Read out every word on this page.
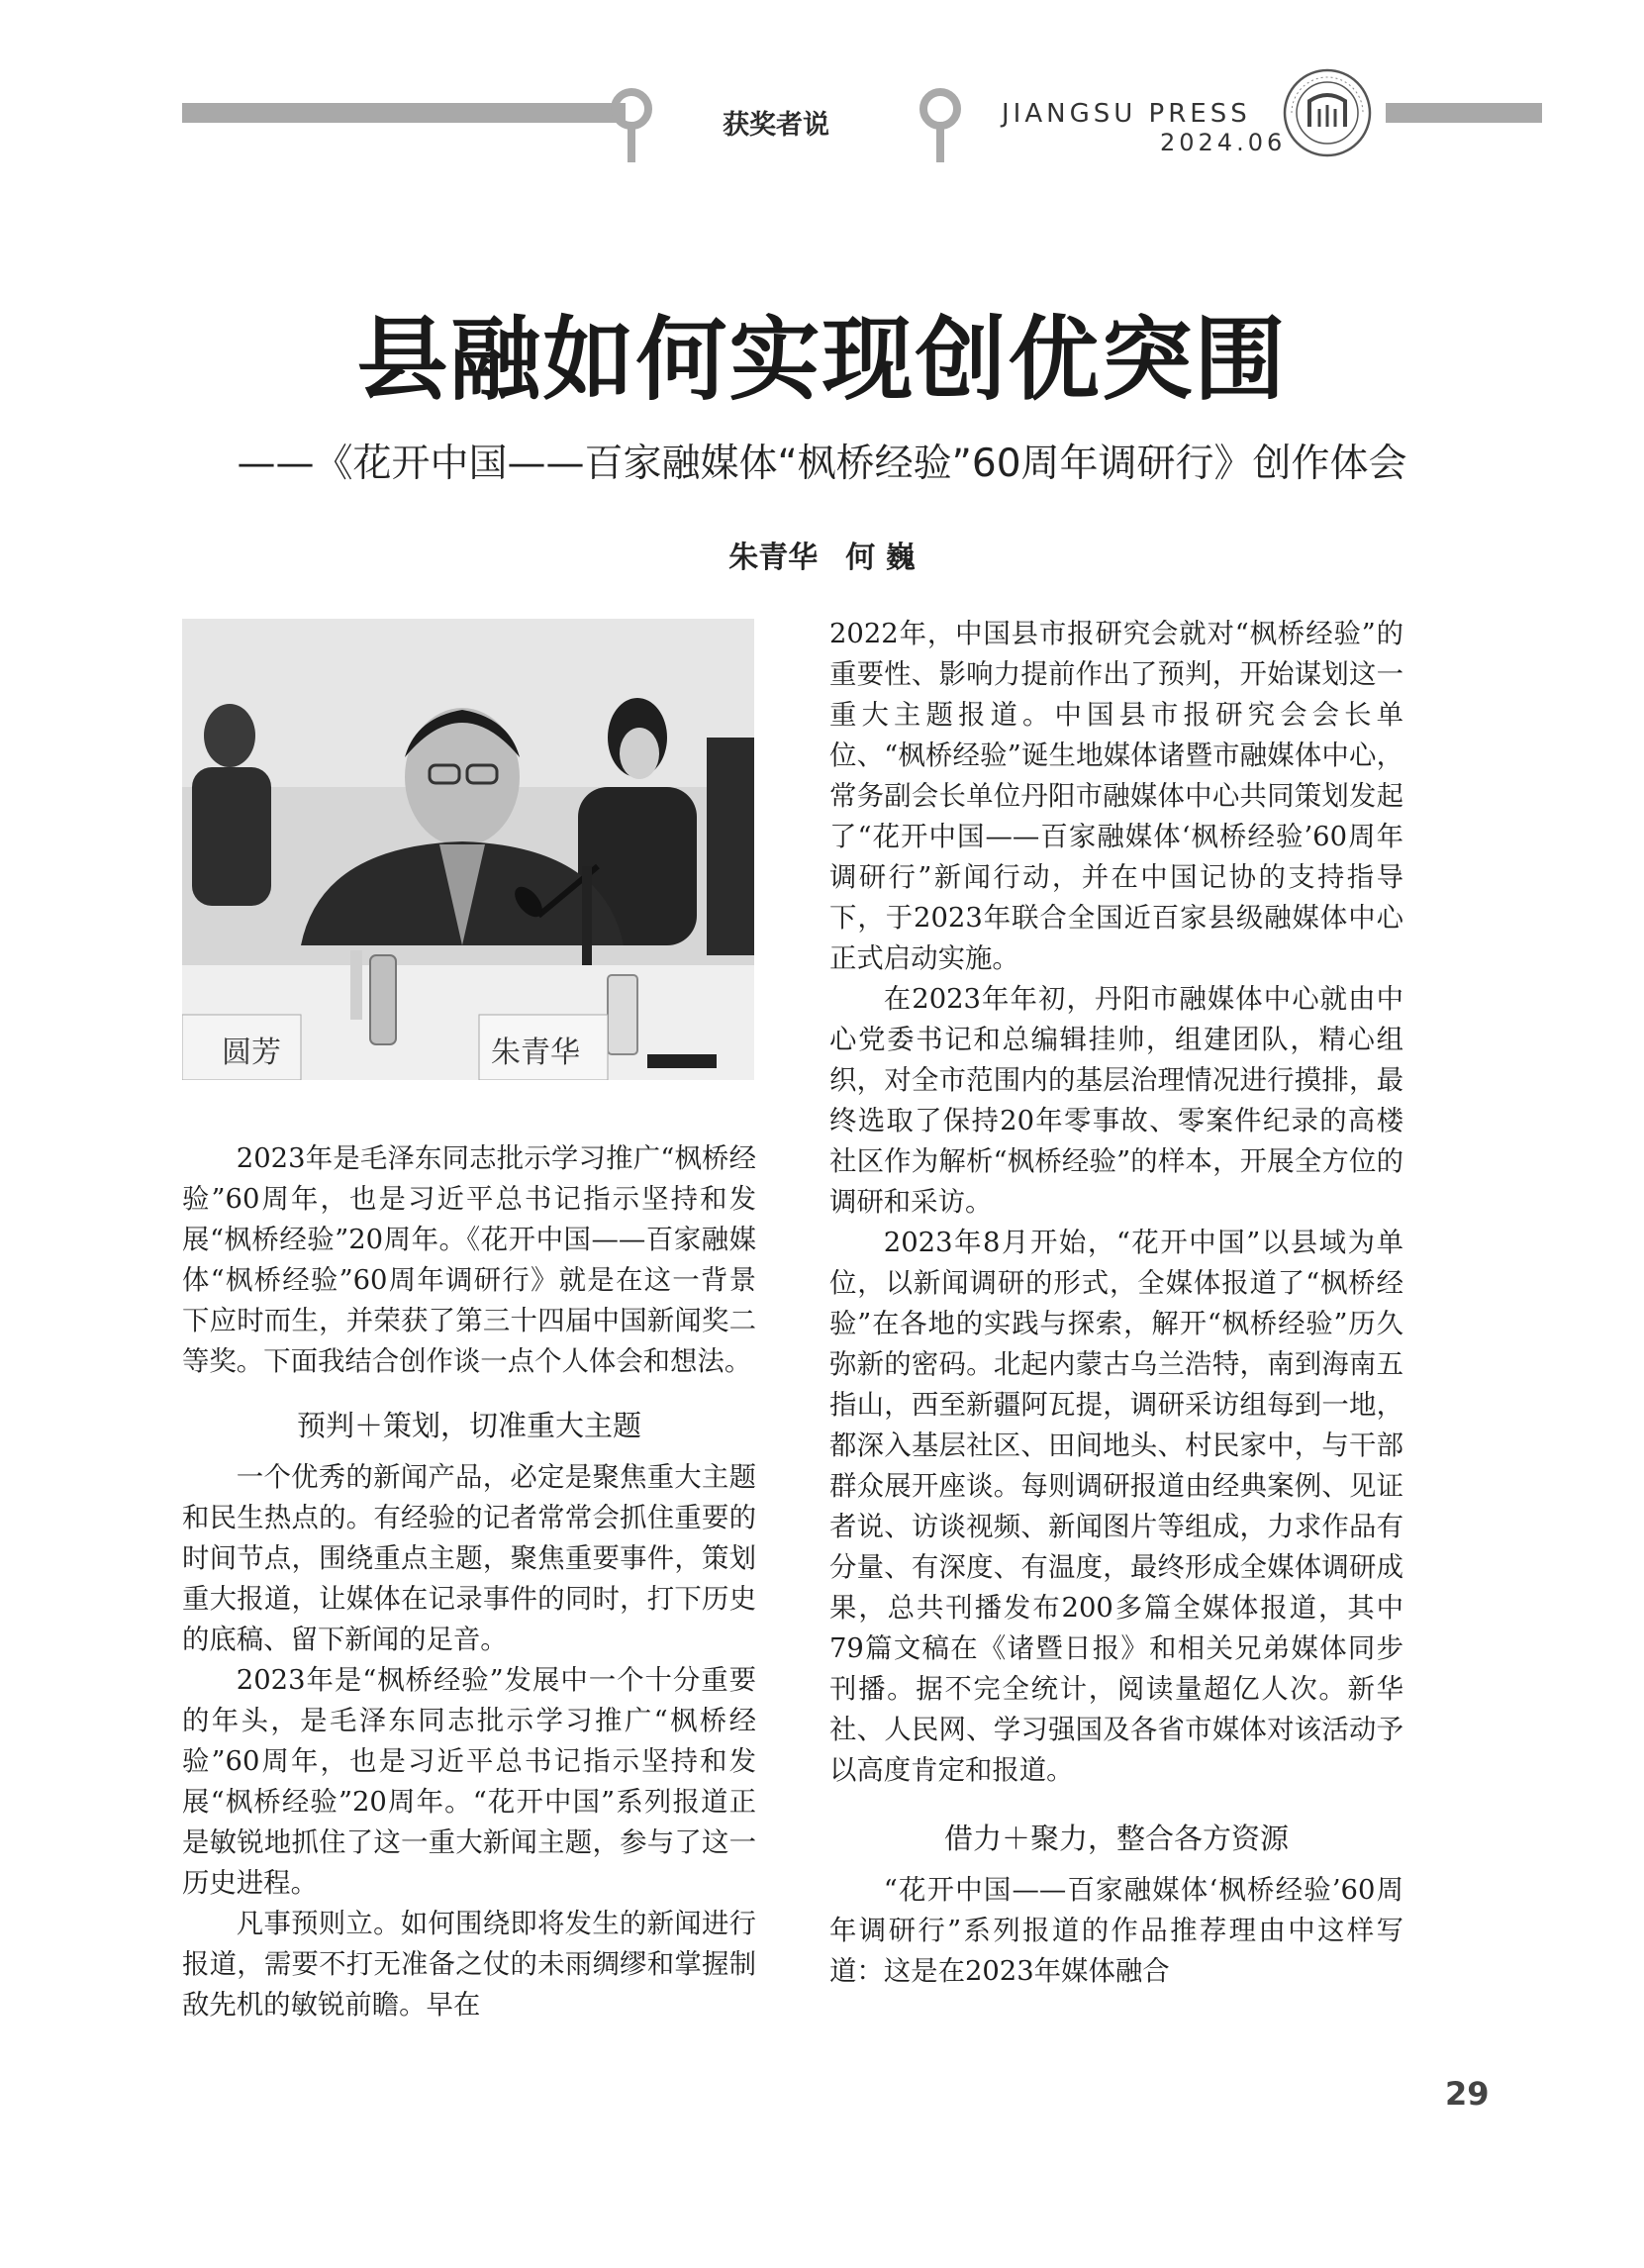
获奖者说	JIANGSU PRESS
2024.06
县融如何实现创优突围
——《花开中国——百家融媒体“枫桥经验”60周年调研行》创作体会
朱青华 何 巍
圆芳	朱青华

2023年是毛泽东同志批示学习推广“枫桥经验”60周年，也是习近平总书记指示坚持和发展“枫桥经验”20周年。《花开中国——百家融媒体“枫桥经验”60周年调研行》就是在这一背景下应时而生，并荣获了第三十四届中国新闻奖二等奖。下面我结合创作谈一点个人体会和想法。

预判＋策划，切准重大主题

一个优秀的新闻产品，必定是聚焦重大主题和民生热点的。有经验的记者常常会抓住重要的时间节点，围绕重点主题，聚焦重要事件，策划重大报道，让媒体在记录事件的同时，打下历史的底稿、留下新闻的足音。

2023年是“枫桥经验”发展中一个十分重要的年头，是毛泽东同志批示学习推广“枫桥经验”60周年，也是习近平总书记指示坚持和发展“枫桥经验”20周年。“花开中国”系列报道正是敏锐地抓住了这一重大新闻主题，参与了这一历史进程。

凡事预则立。如何围绕即将发生的新闻进行报道，需要不打无准备之仗的未雨绸缪和掌握制敌先机的敏锐前瞻。早在

2022年，中国县市报研究会就对“枫桥经验”的重要性、影响力提前作出了预判，开始谋划这一重大主题报道。中国县市报研究会会长单位、“枫桥经验”诞生地媒体诸暨市融媒体中心，常务副会长单位丹阳市融媒体中心共同策划发起了“花开中国——百家融媒体‘枫桥经验’60周年调研行”新闻行动，并在中国记协的支持指导下，于2023年联合全国近百家县级融媒体中心正式启动实施。

在2023年年初，丹阳市融媒体中心就由中心党委书记和总编辑挂帅，组建团队，精心组织，对全市范围内的基层治理情况进行摸排，最终选取了保持20年零事故、零案件纪录的高楼社区作为解析“枫桥经验”的样本，开展全方位的调研和采访。

2023年8月开始，“花开中国”以县域为单位，以新闻调研的形式，全媒体报道了“枫桥经验”在各地的实践与探索，解开“枫桥经验”历久弥新的密码。北起内蒙古乌兰浩特，南到海南五指山，西至新疆阿瓦提，调研采访组每到一地，都深入基层社区、田间地头、村民家中，与干部群众展开座谈。每则调研报道由经典案例、见证者说、访谈视频、新闻图片等组成，力求作品有分量、有深度、有温度，最终形成全媒体调研成果，总共刊播发布200多篇全媒体报道，其中79篇文稿在《诸暨日报》和相关兄弟媒体同步刊播。据不完全统计，阅读量超亿人次。新华社、人民网、学习强国及各省市媒体对该活动予以高度肯定和报道。

借力＋聚力，整合各方资源

“花开中国——百家融媒体‘枫桥经验’60周年调研行”系列报道的作品推荐理由中这样写道：这是在2023年媒体融合

29
